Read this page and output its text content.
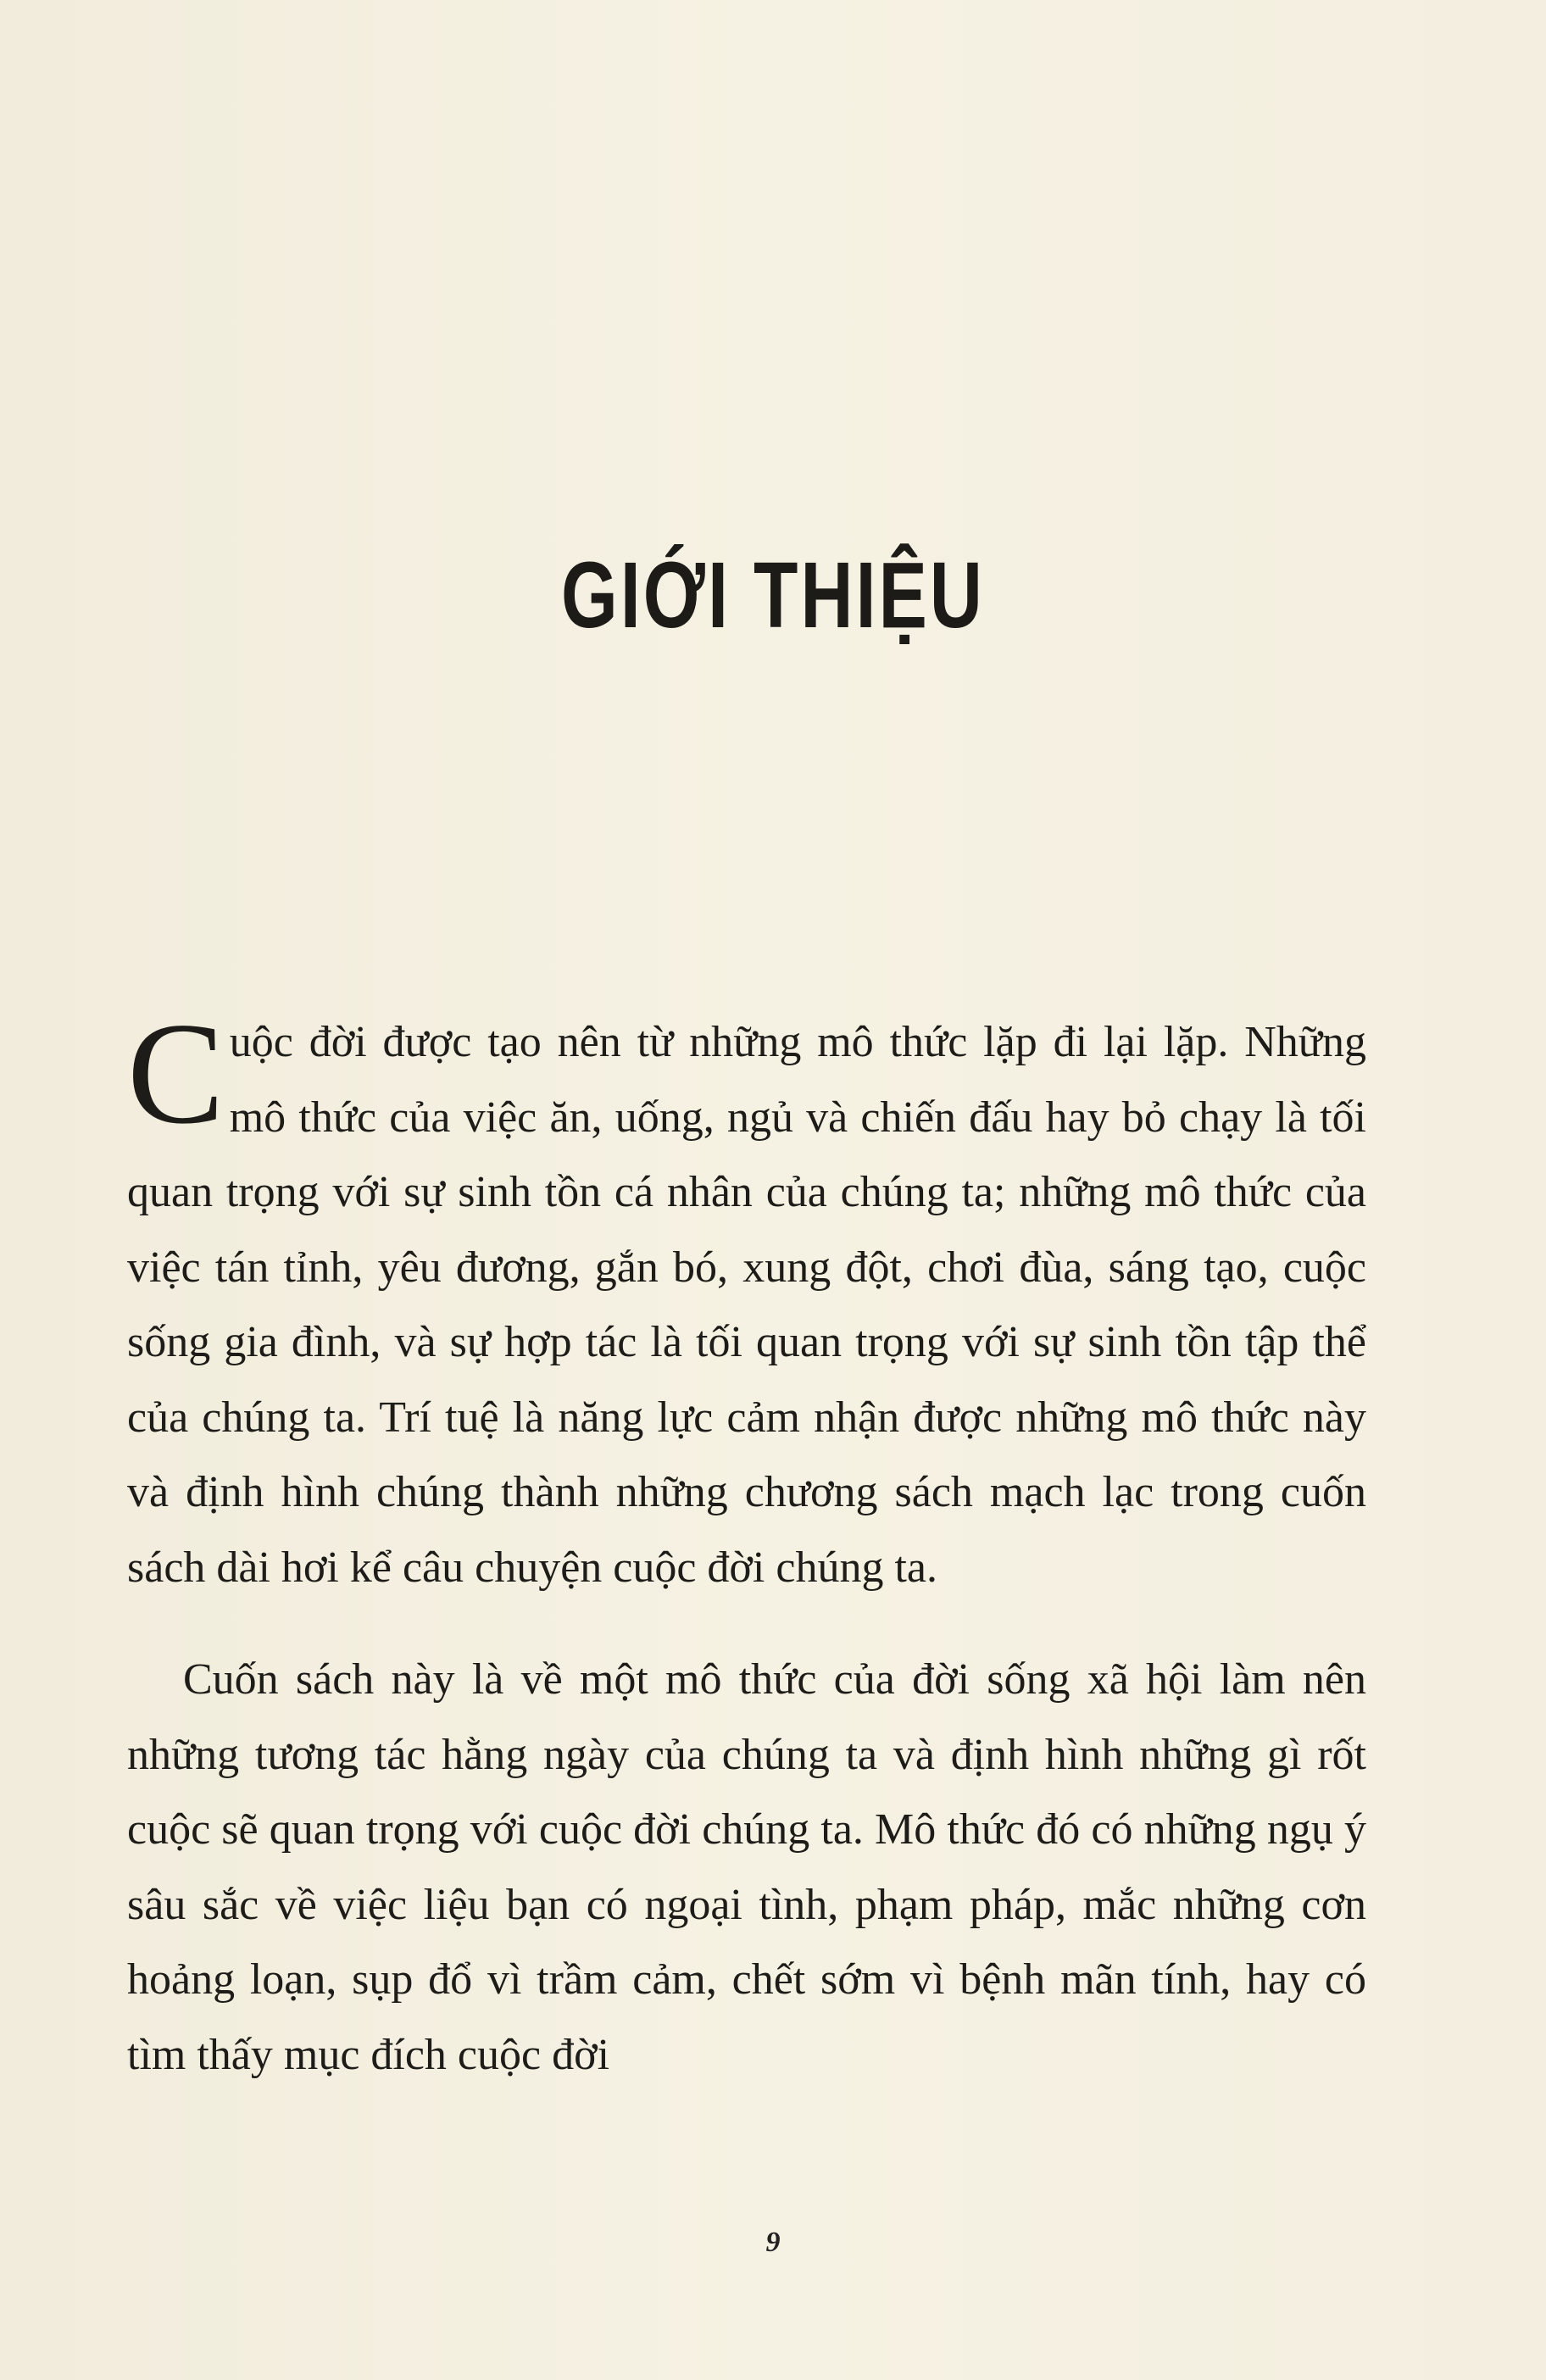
GIỚI THIỆU

Cuộc đời được tạo nên từ những mô thức lặp đi lại lặp. Những mô thức của việc ăn, uống, ngủ và chiến đấu hay bỏ chạy là tối quan trọng với sự sinh tồn cá nhân của chúng ta; những mô thức của việc tán tỉnh, yêu đương, gắn bó, xung đột, chơi đùa, sáng tạo, cuộc sống gia đình, và sự hợp tác là tối quan trọng với sự sinh tồn tập thể của chúng ta. Trí tuệ là năng lực cảm nhận được những mô thức này và định hình chúng thành những chương sách mạch lạc trong cuốn sách dài hơi kể câu chuyện cuộc đời chúng ta.

Cuốn sách này là về một mô thức của đời sống xã hội làm nên những tương tác hằng ngày của chúng ta và định hình những gì rốt cuộc sẽ quan trọng với cuộc đời chúng ta. Mô thức đó có những ngụ ý sâu sắc về việc liệu bạn có ngoại tình, phạm pháp, mắc những cơn hoảng loạn, sụp đổ vì trầm cảm, chết sớm vì bệnh mãn tính, hay có tìm thấy mục đích cuộc đời

9
